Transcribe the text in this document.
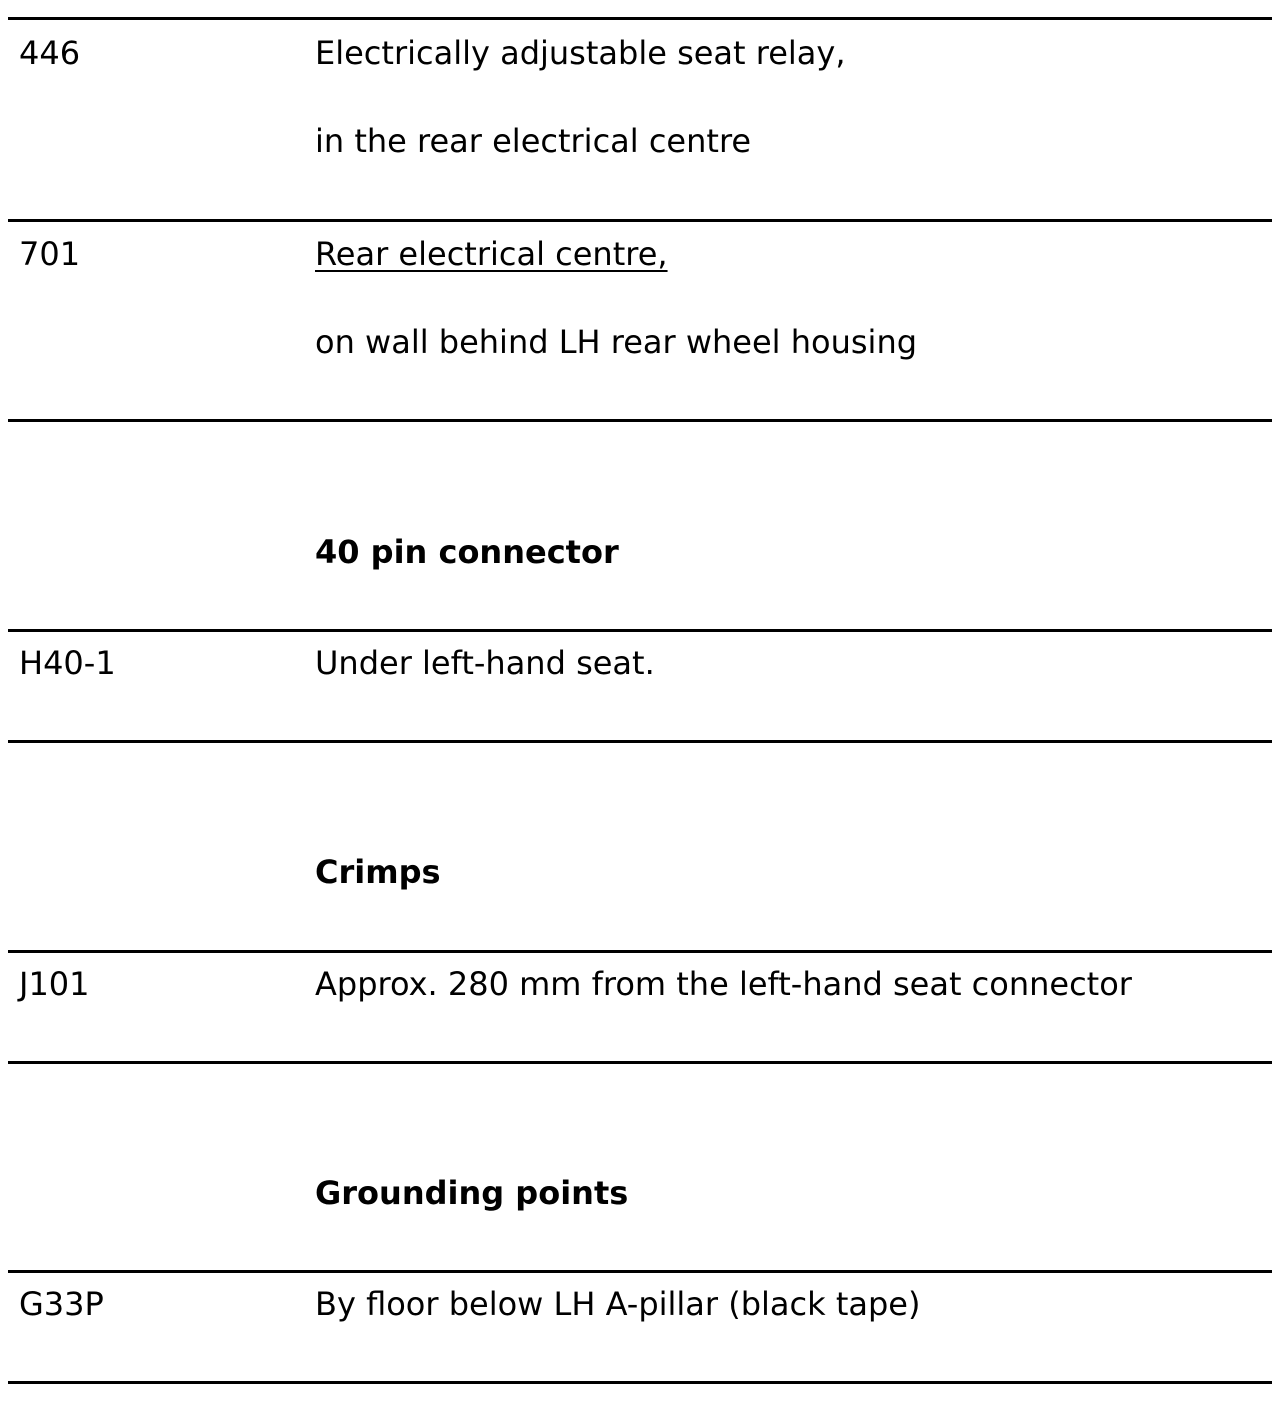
446	Electrically adjustable seat relay,
in the rear electrical centre
701	Rear electrical centre,
on wall behind LH rear wheel housing
40 pin connector
H40-1	Under left-hand seat.
Crimps
J101	Approx. 280 mm from the left-hand seat connector
Grounding points
G33P	By floor below LH A-pillar (black tape)
